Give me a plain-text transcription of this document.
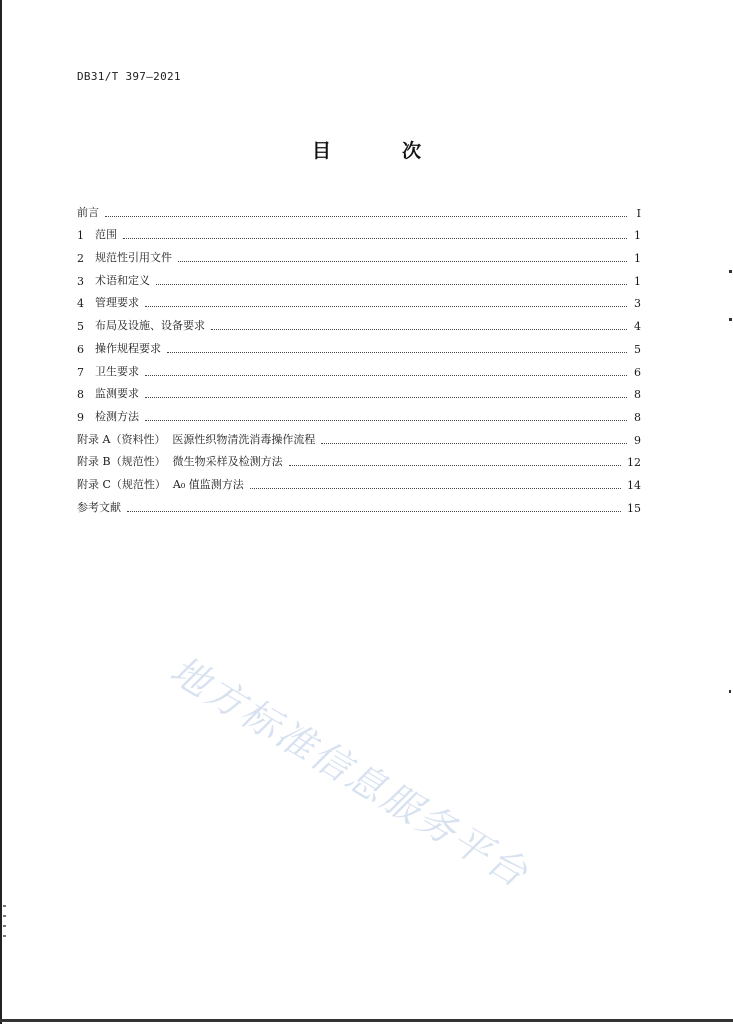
DB31/T 397—2021
目　次
前言	Ⅰ
1	范围	1
2	规范性引用文件	1
3	术语和定义	1
4	管理要求	3
5	布局及设施、设备要求	4
6	操作规程要求	5
7	卫生要求	6
8	监测要求	8
9	检测方法	8
附录 A（资料性）  医源性织物清洗消毒操作流程	9
附录 B（规范性）  微生物采样及检测方法	12
附录 C（规范性）  A₀ 值监测方法	14
参考文献	15
地方标准信息服务平台
